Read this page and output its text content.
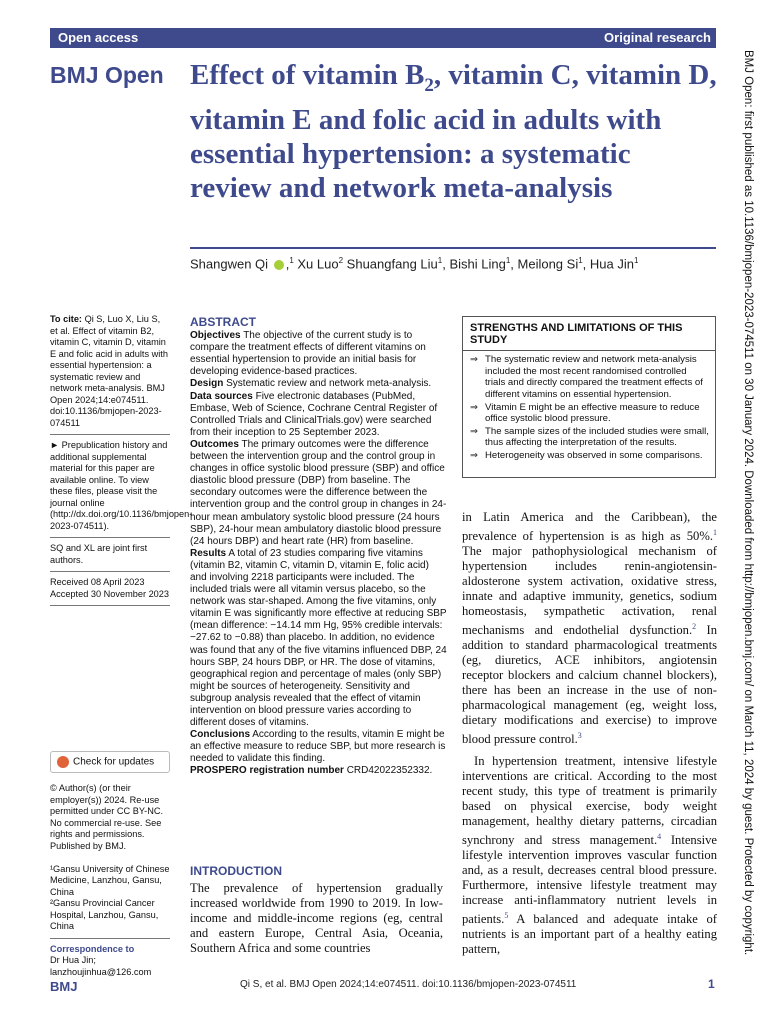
Open access	Original research
BMJ Open Effect of vitamin $B_2$, vitamin C, vitamin D, vitamin E and folic acid in adults with essential hypertension: a systematic review and network meta-analysis
Shangwen Qi ,$^1$ Xu Luo$^2$ Shuangfang Liu$^1$, Bishi Ling$^1$, Meilong Si$^1$, Hua Jin$^1$	BMJ Open: first published as 10.1136/bmjopen-2023-074511 on 30 January 2024. Downloaded from http://bmjopen.bmj.com/ on March 11, 2024 by guest. Protected by copyright.

To cite: Qi S, Luo X, Liu S, et al. Effect of vitamin B2, vitamin C, vitamin D, vitamin E and folic acid in adults with essential hypertension: a systematic review and network meta-analysis. BMJ Open 2024;14:e074511. doi:10.1136/bmjopen-2023-074511

► Prepublication history and additional supplemental material for this paper are available online. To view these files, please visit the journal online (http://dx.doi.org/10.1136/bmjopen-2023-074511).

SQ and XL are joint first authors.

Received 08 April 2023

Accepted 30 November 2023

Check for updates

© Author(s) (or their employer(s)) 2024. Re-use permitted under CC BY-NC. No commercial re-use. See rights and permissions. Published by BMJ.

¹Gansu University of Chinese Medicine, Lanzhou, Gansu, China

²Gansu Provincial Cancer Hospital, Lanzhou, Gansu, China

Correspondence to

Dr Hua Jin;

lanzhoujinhua@126.com

ABSTRACT
Objectives The objective of the current study is to compare the treatment effects of different vitamins on essential hypertension to provide an initial basis for developing evidence-based practices.
Design Systematic review and network meta-analysis.
Data sources Five electronic databases (PubMed, Embase, Web of Science, Cochrane Central Register of Controlled Trials and ClinicalTrials.gov) were searched from their inception to 25 September 2023.
Outcomes The primary outcomes were the difference between the intervention group and the control group in changes in office systolic blood pressure (SBP) and office diastolic blood pressure (DBP) from baseline. The secondary outcomes were the difference between the intervention group and the control group in changes in 24-hour mean ambulatory systolic blood pressure (24 hours SBP), 24-hour mean ambulatory diastolic blood pressure (24 hours DBP) and heart rate (HR) from baseline.
Results A total of 23 studies comparing five vitamins (vitamin B2, vitamin C, vitamin D, vitamin E, folic acid) and involving 2218 participants were included. The included trials were all vitamin versus placebo, so the network was star-shaped. Among the five vitamins, only vitamin E was significantly more effective at reducing SBP (mean difference: −14.14 mm Hg, 95% credible intervals: −27.62 to −0.88) than placebo. In addition, no evidence was found that any of the five vitamins influenced DBP, 24 hours SBP, 24 hours DBP, or HR. The dose of vitamins, geographical region and percentage of males (only SBP) might be sources of heterogeneity. Sensitivity and subgroup analysis revealed that the effect of vitamin intervention on blood pressure varies according to different doses of vitamins.
Conclusions According to the results, vitamin E might be an effective measure to reduce SBP, but more research is needed to validate this finding.
PROSPERO registration number CRD42022352332.
INTRODUCTION
The prevalence of hypertension gradually increased worldwide from 1990 to 2019. In low-income and middle-income regions (eg, central and eastern Europe, Central Asia, Oceania, Southern Africa and some countries
STRENGTHS AND LIMITATIONS OF THIS STUDY
⇒ The systematic review and network meta-analysis included the most recent randomised controlled trials and directly compared the treatment effects of different vitamins on essential hypertension.
⇒ Vitamin E might be an effective measure to reduce office systolic blood pressure.
⇒ The sample sizes of the included studies were small, thus affecting the interpretation of the results.
⇒ Heterogeneity was observed in some comparisons.

in Latin America and the Caribbean), the prevalence of hypertension is as high as 50%.$^1$ The major pathophysiological mechanism of hypertension includes renin-angiotensin-aldosterone system activation, oxidative stress, innate and adaptive immunity, genetics, sodium homeostasis, sympathetic activation, renal mechanisms and endothelial dysfunction.$^2$ In addition to standard pharmacological treatments (eg, diuretics, ACE inhibitors, angiotensin receptor blockers and calcium channel blockers), there has been an increase in the use of non-pharmacological management (eg, weight loss, dietary modifications and exercise) to improve blood pressure control.$^3$

In hypertension treatment, intensive lifestyle interventions are critical. According to the most recent study, this type of treatment is primarily based on physical exercise, body weight management, healthy dietary patterns, circadian synchrony and stress management.$^4$ Intensive lifestyle intervention improves vascular function and, as a result, decreases central blood pressure. Furthermore, intensive lifestyle treatment may increase anti-inflammatory nutrient levels in patients.$^5$ A balanced and adequate intake of nutrients is an important part of a healthy eating pattern,

BMJ	Qi S, et al. BMJ Open 2024;14:e074511. doi:10.1136/bmjopen-2023-074511	1
